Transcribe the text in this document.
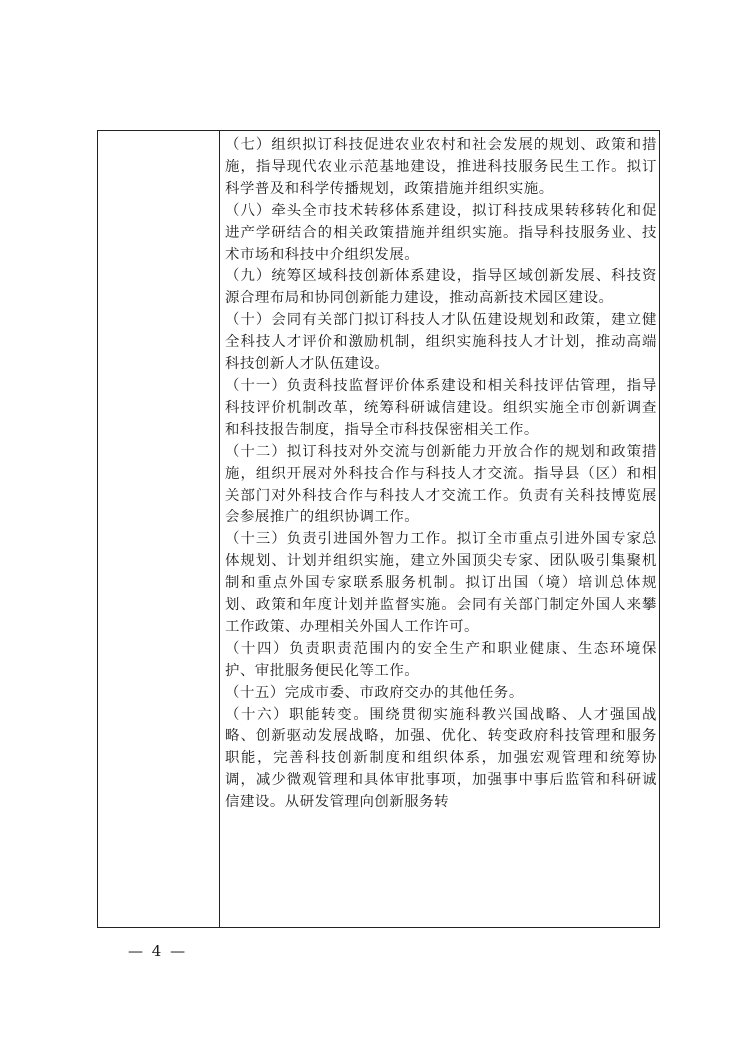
（七）组织拟订科技促进农业农村和社会发展的规划、政策和措施，指导现代农业示范基地建设，推进科技服务民生工作。拟订科学普及和科学传播规划，政策措施并组织实施。

（八）牵头全市技术转移体系建设，拟订科技成果转移转化和促进产学研结合的相关政策措施并组织实施。指导科技服务业、技术市场和科技中介组织发展。

（九）统筹区域科技创新体系建设，指导区域创新发展、科技资源合理布局和协同创新能力建设，推动高新技术园区建设。

（十）会同有关部门拟订科技人才队伍建设规划和政策，建立健全科技人才评价和激励机制，组织实施科技人才计划，推动高端科技创新人才队伍建设。

（十一）负责科技监督评价体系建设和相关科技评估管理，指导科技评价机制改革，统筹科研诚信建设。组织实施全市创新调查和科技报告制度，指导全市科技保密相关工作。

（十二）拟订科技对外交流与创新能力开放合作的规划和政策措施，组织开展对外科技合作与科技人才交流。指导县（区）和相关部门对外科技合作与科技人才交流工作。负责有关科技博览展会参展推广的组织协调工作。

（十三）负责引进国外智力工作。拟订全市重点引进外国专家总体规划、计划并组织实施，建立外国顶尖专家、团队吸引集聚机制和重点外国专家联系服务机制。拟订出国（境）培训总体规划、政策和年度计划并监督实施。会同有关部门制定外国人来攀工作政策、办理相关外国人工作许可。

（十四）负责职责范围内的安全生产和职业健康、生态环境保护、审批服务便民化等工作。

（十五）完成市委、市政府交办的其他任务。

（十六）职能转变。围绕贯彻实施科教兴国战略、人才强国战略、创新驱动发展战略，加强、优化、转变政府科技管理和服务职能，完善科技创新制度和组织体系，加强宏观管理和统筹协调，减少微观管理和具体审批事项，加强事中事后监管和科研诚信建设。从研发管理向创新服务转

— 4 —
